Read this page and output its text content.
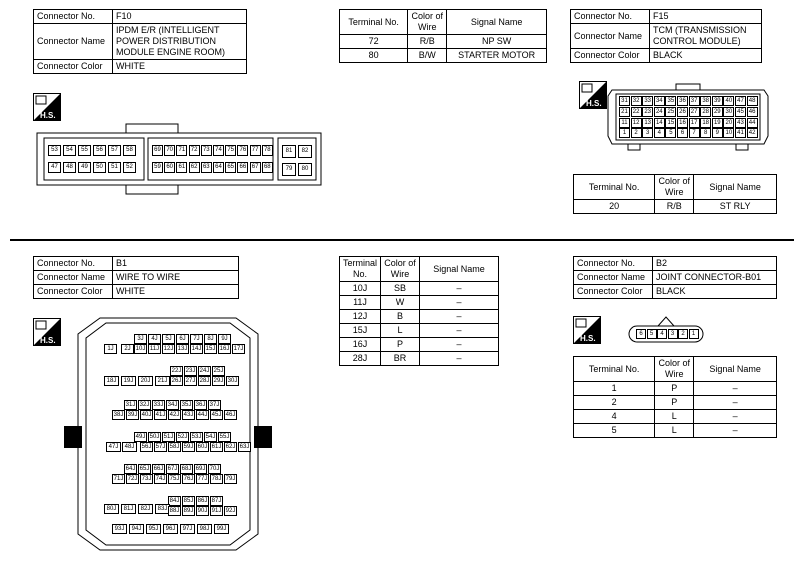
Connector No.	F10
Connector Name	IPDM E/R (INTELLIGENT POWER DISTRIBUTION MODULE ENGINE ROOM)
Connector Color	WHITE
H.S.
53	54	55	56	57	58
47	48	49	50	51	52
69 70 71 72 73 74 75 76 77 78
59 60 61 62 63 64 65 66 67 68
81	82
79	80
Terminal No.	Color of Wire	Signal Name
72	R/B	NP SW
80	B/W	STARTER MOTOR
Connector No.	F15
Connector Name	TCM (TRANSMISSION CONTROL MODULE)
Connector Color	BLACK
H.S.	31 32 33 34 35 36 37 38 39 40 47 48
21 22 23 24 25 26 27 28 29 30 45 46
11 12 13 14 15 16 17 18 19 20 43 44
1	2	3	4	5	6	7	8	9	10 41 42
Terminal No.	Color of Wire	Signal Name
20	R/B	ST RLY
Connector No.	B1
Connector Name	WIRE TO WIRE
Connector Color	WHITE
H.S.	3J	4J	5J	6J	7J	8J	9J
1J	2J 10J 11J 12J 13J 14J 15J 16J 17J
22J 23J 24J 25J
18J	19J	20J	21J 26J 27J 28J 29J 30J
31J 32J 33J 34J 35J 36J 37J
38J 39J 40J 41J 42J 43J 44J 45J 46J
49J 50J 51J 52J 53J 54J 55J
47J	48J	56J 57J 58J 59J 60J 61J 62J 63J
64J 65J 66J 67J 68J 69J 70J
71J 72J 73J 74J 75J 76J 77J 78J 79J
84J 85J 86J 87J
80J	81J	82J	83J 88J 89J 90J 91J 92J
93J	94J	95J	96J	97J	98J	99J
Terminal No.	Color of Wire	Signal Name
10J	SB	–
11J	W	–
12J	B	–
15J	L	–
16J	P	–
28J	BR	–
Connector No.	B2
Connector Name	JOINT CONNECTOR-B01
Connector Color	BLACK
H.S.	6	5	4	3	2	1
Terminal No.	Color of Wire	Signal Name
1	P	–
2	P	–
4	L	–
5	L	–
